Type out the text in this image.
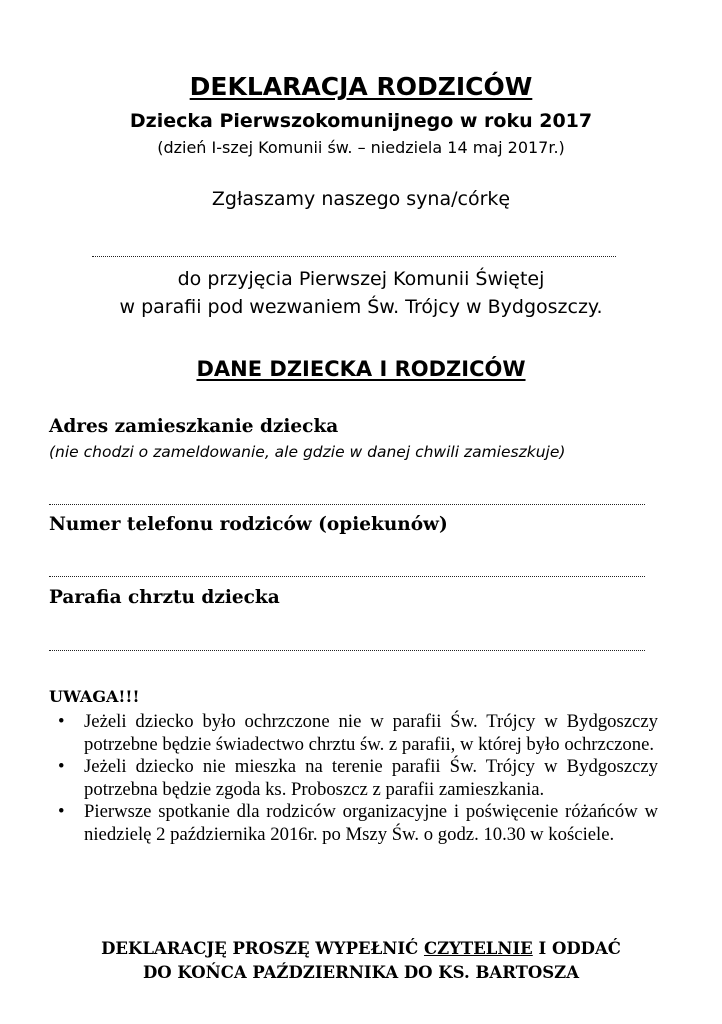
DEKLARACJA RODZICÓW
Dziecka Pierwszokomunijnego w roku 2017
(dzień I-szej Komunii św. – niedziela 14 maj 2017r.)
Zgłaszamy naszego syna/córkę
do przyjęcia Pierwszej Komunii Świętej
w parafii pod wezwaniem Św. Trójcy w Bydgoszczy.
DANE DZIECKA I RODZICÓW
Adres zamieszkanie dziecka
(nie chodzi o zameldowanie, ale gdzie w danej chwili zamieszkuje)
Numer telefonu rodziców (opiekunów)
Parafia chrztu dziecka
UWAGA!!!
• Jeżeli dziecko było ochrzczone nie w parafii Św. Trójcy w Bydgoszczy potrzebne będzie świadectwo chrztu św. z parafii, w której było ochrzczone.
• Jeżeli dziecko nie mieszka na terenie parafii Św. Trójcy w Bydgoszczy potrzebna będzie zgoda ks. Proboszcz z parafii zamieszkania.
• Pierwsze spotkanie dla rodziców organizacyjne i poświęcenie różańców w niedzielę 2 października 2016r. po Mszy Św. o godz. 10.30 w kościele.
DEKLARACJĘ PROSZĘ WYPEŁNIĆ CZYTELNIE I ODDAĆ
DO KOŃCA PAŹDZIERNIKA DO KS. BARTOSZA
